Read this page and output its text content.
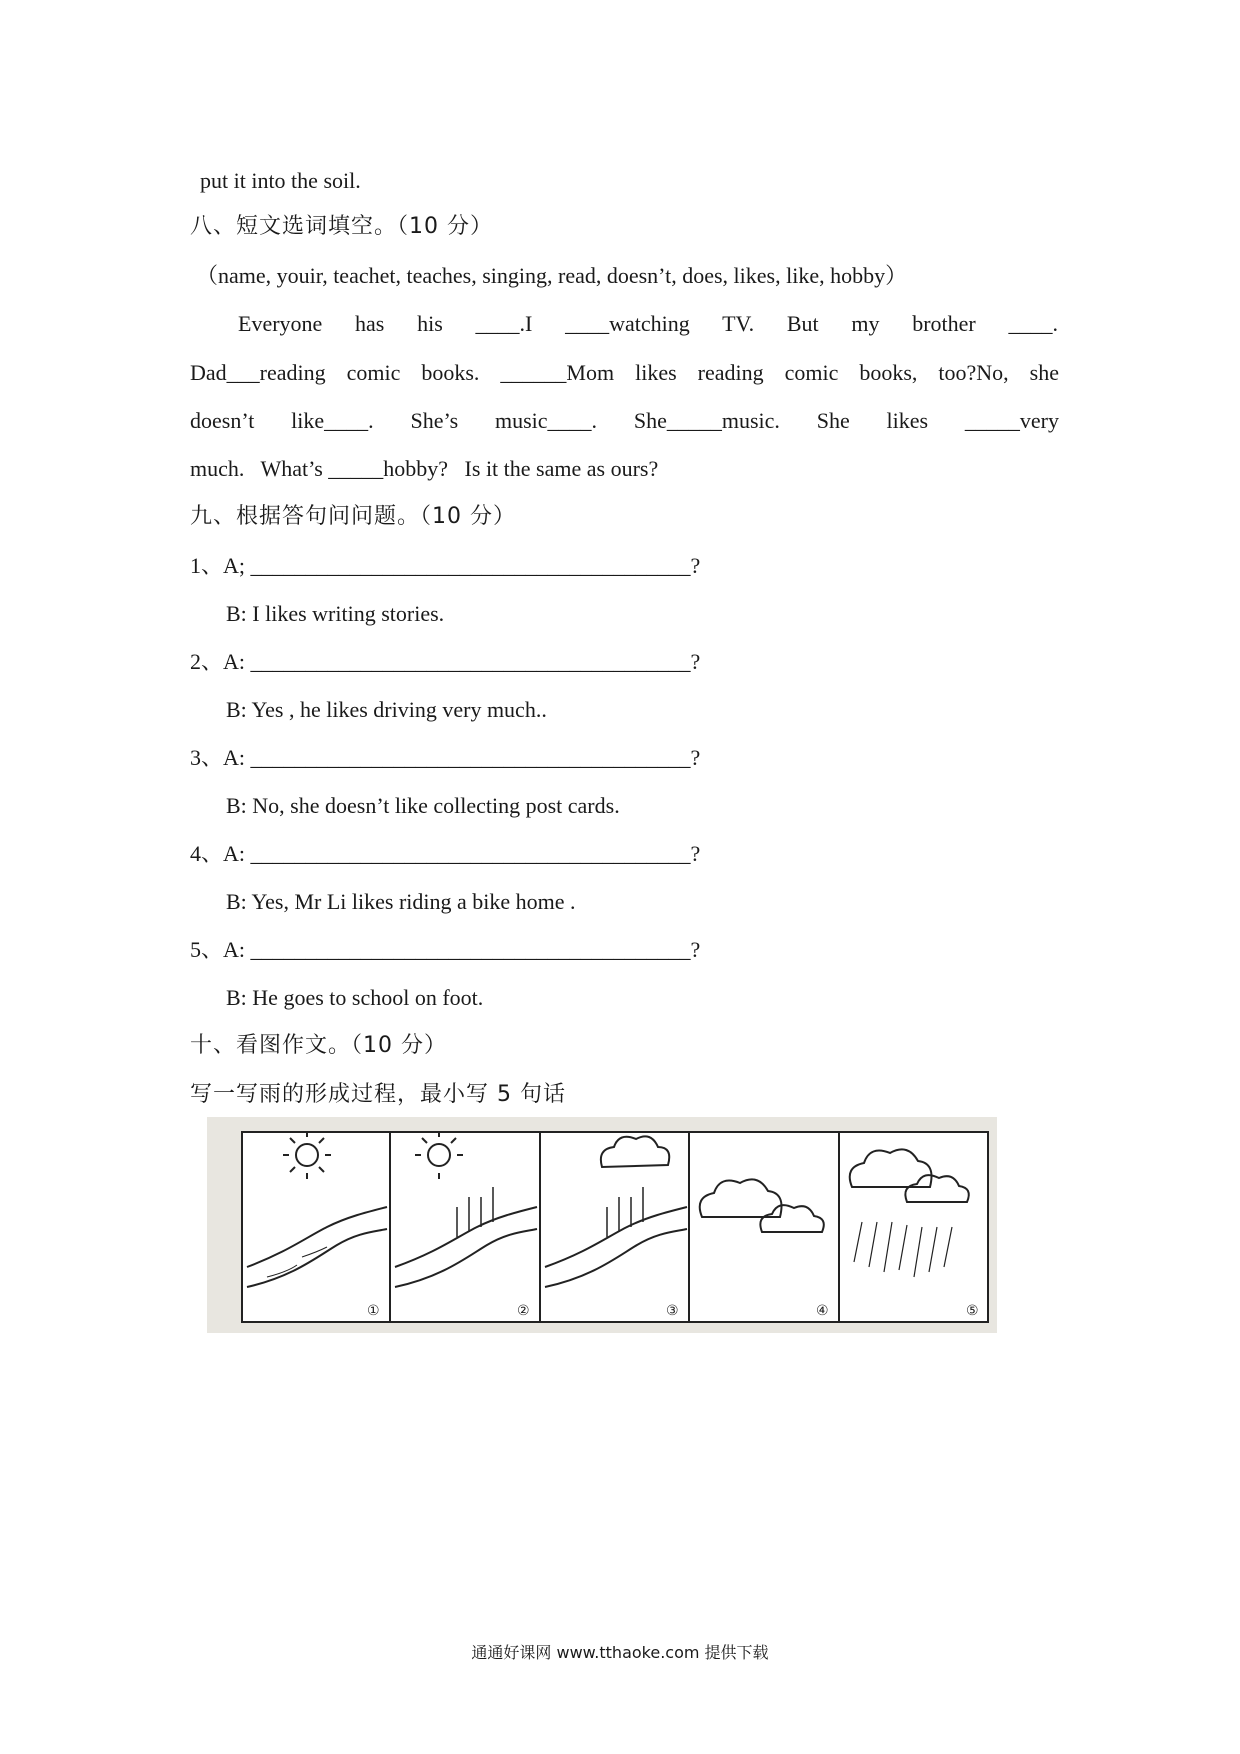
put it into the soil.
八、短文选词填空。（10 分）
（name, youir, teachet, teaches, singing, read, doesn’t, does, likes, like, hobby）
Everyone has his ____.I ____watching TV. But my brother ____.
Dad___reading comic books. ______Mom likes reading comic books, too?No, she
doesn’t like____. She’s music____. She_____music. She likes _____very
much.   What’s _____hobby?   Is it the same as ours?
九、根据答句问问题。（10 分）
1、A; ________________________________________?
B: I likes writing stories.
2、A: ________________________________________?
B: Yes , he likes driving very much..
3、A: ________________________________________?
B: No, she doesn’t like collecting post cards.
4、A: ________________________________________?
B: Yes, Mr Li likes riding a bike home .
5、A: ________________________________________?
B: He goes to school on foot.
十、看图作文。（10 分）
写一写雨的形成过程，最小写 5 句话
①	②	③	④	⑤
通通好课网 www.tthaoke.com 提供下载
